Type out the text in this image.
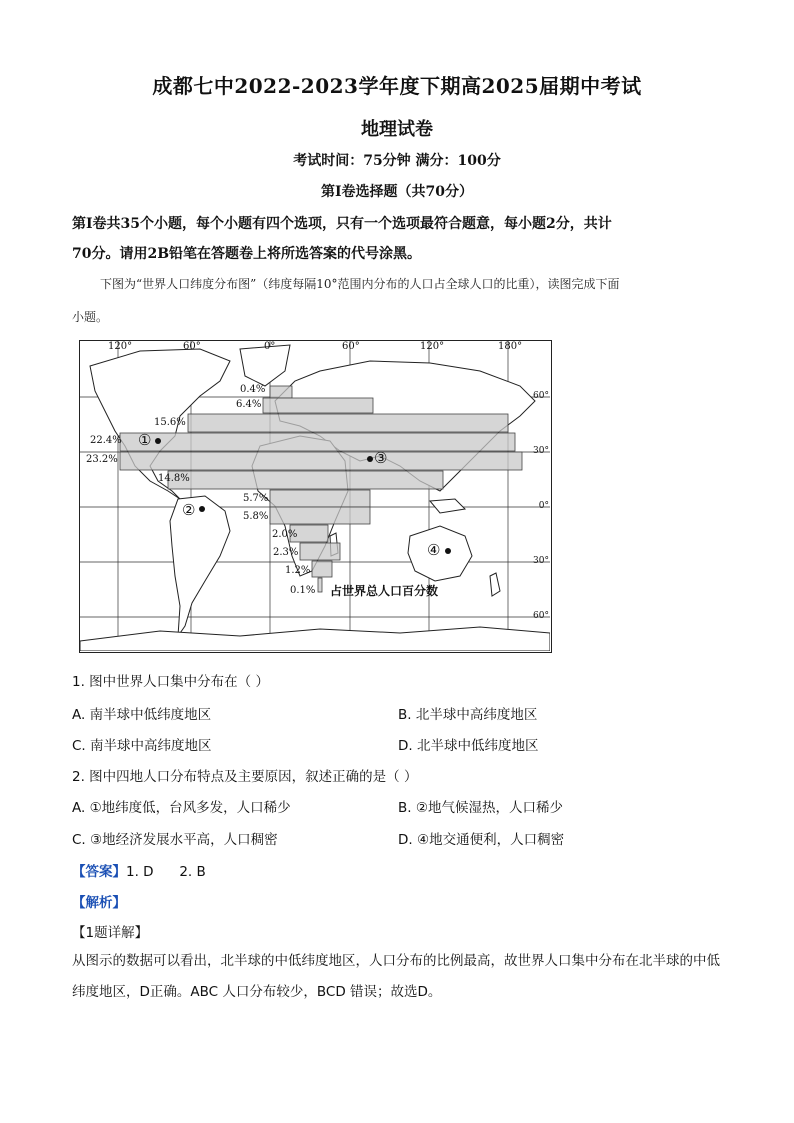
成都七中2022-2023学年度下期高2025届期中考试
地理试卷
考试时间：75分钟 满分：100分
第Ⅰ卷选择题（共70分）
第Ⅰ卷共35个小题，每个小题有四个选项，只有一个选项最符合题意，每小题2分，共计
70分。请用2B铅笔在答题卷上将所选答案的代号涂黑。
下图为“世界人口纬度分布图”（纬度每隔10°范围内分布的人口占全球人口的比重），读图完成下面
小题。
120°	60°	0°	60°	120°	180°
60°
30°
0°
30°
60°
0.4%
6.4%
15.6%
22.4%
23.2%
14.8%
5.7%
5.8%
2.0%
2.3%
1.2%
0.1%
①
②
③
④
占世界总人口百分数
1. 图中世界人口集中分布在（ ）
A. 南半球中低纬度地区	B. 北半球中高纬度地区
C. 南半球中高纬度地区	D. 北半球中低纬度地区
2. 图中四地人口分布特点及主要原因，叙述正确的是（ ）
A. ①地纬度低，台风多发，人口稀少	B. ②地气候湿热，人口稀少
C. ③地经济发展水平高，人口稠密	D. ④地交通便利，人口稠密
【答案】1. D      2. B
【解析】
【1题详解】
从图示的数据可以看出，北半球的中低纬度地区，人口分布的比例最高，故世界人口集中分布在北半球的中低纬度地区，D正确。ABC 人口分布较少，BCD 错误；故选D。
